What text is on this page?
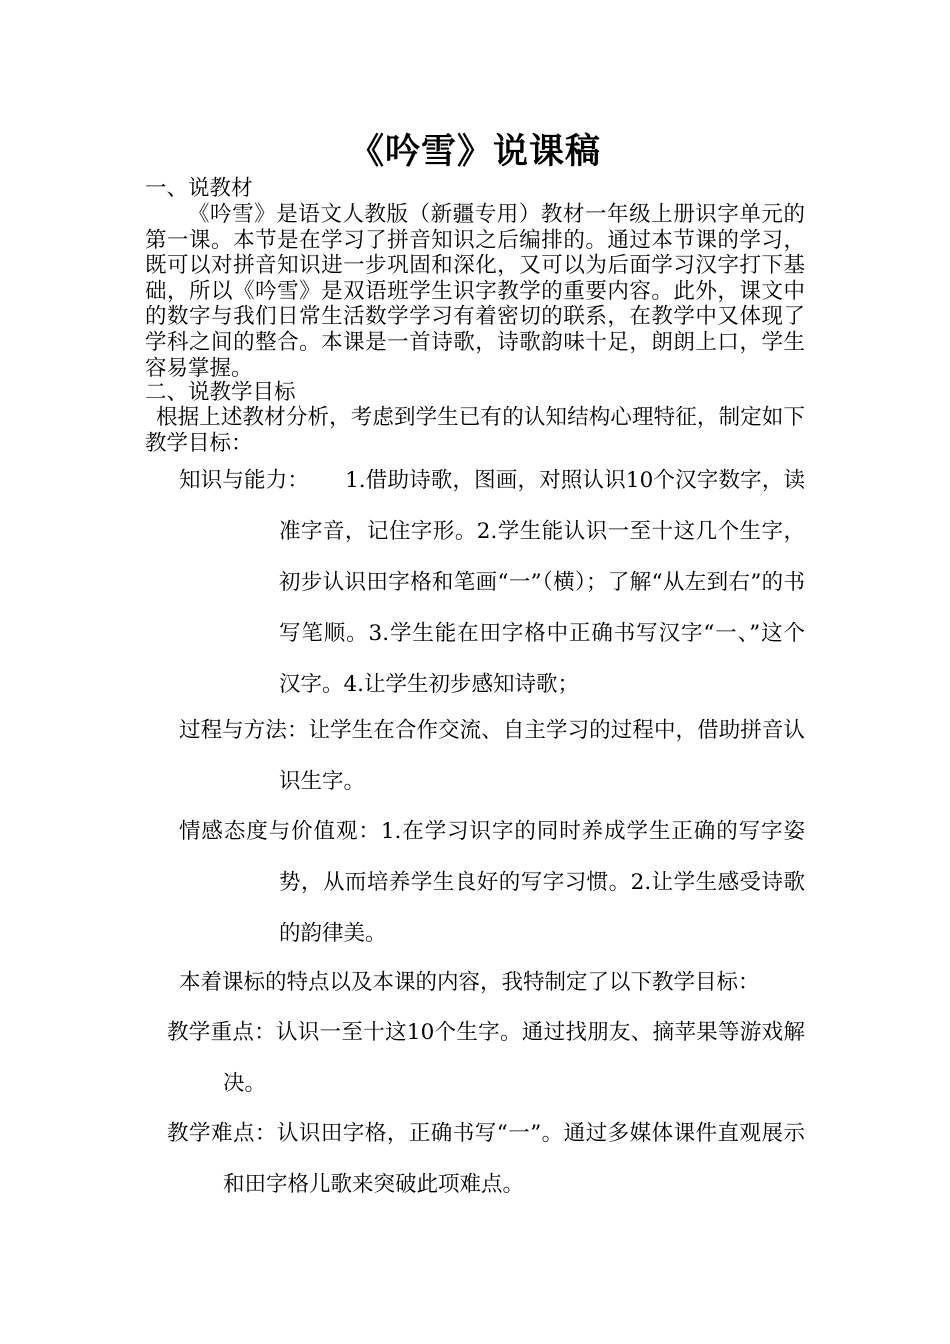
《吟雪》说课稿
一、说教材
《吟雪》是语文人教版（新疆专用）教材一年级上册识字单元的第一课。本节是在学习了拼音知识之后编排的。通过本节课的学习，既可以对拼音知识进一步巩固和深化，又可以为后面学习汉字打下基础，所以《吟雪》是双语班学生识字教学的重要内容。此外，课文中的数字与我们日常生活数学学习有着密切的联系，在教学中又体现了学科之间的整合。本课是一首诗歌，诗歌韵味十足，朗朗上口，学生容易掌握。
二、说教学目标
根据上述教材分析，考虑到学生已有的认知结构心理特征，制定如下教学目标：
知识与能力： 1.借助诗歌，图画，对照认识10个汉字数字，读准字音，记住字形。2.学生能认识一至十这几个生字，初步认识田字格和笔画“一”（横）；了解“从左到右”的书写笔顺。3.学生能在田字格中正确书写汉字“一、”这个汉字。4.让学生初步感知诗歌；
过程与方法：让学生在合作交流、自主学习的过程中，借助拼音认识生字。
情感态度与价值观：1.在学习识字的同时养成学生正确的写字姿势，从而培养学生良好的写字习惯。2.让学生感受诗歌的韵律美。
本着课标的特点以及本课的内容，我特制定了以下教学目标：
教学重点：认识一至十这10个生字。通过找朋友、摘苹果等游戏解决。
教学难点：认识田字格，正确书写“一”。通过多媒体课件直观展示和田字格儿歌来突破此项难点。
